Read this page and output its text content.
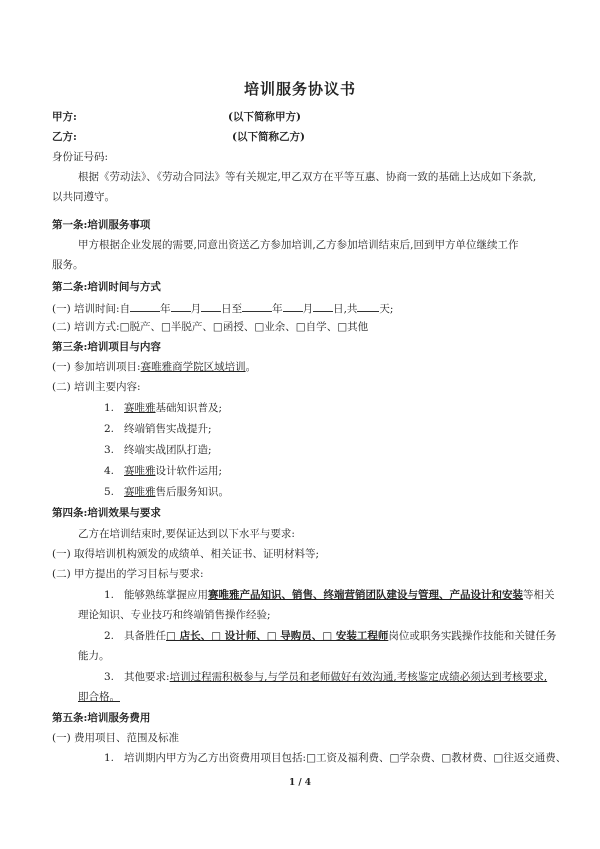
培训服务协议书
甲方:	(以下简称甲方)
乙方:	(以下简称乙方)
身份证号码:
根据《劳动法》、《劳动合同法》等有关规定,甲乙双方在平等互惠、协商一致的基础上达成如下条款,
以共同遵守。
第一条:培训服务事项
甲方根据企业发展的需要,同意出资送乙方参加培训,乙方参加培训结束后,回到甲方单位继续工作
服务。
第二条:培训时间与方式
(一) 培训时间:自	年 月 日至	年 月 日,共 天;
(二) 培训方式:□脱产、□半脱产、□函授、□业余、□自学、□其他
第三条:培训项目与内容
(一) 参加培训项目:赛唯雅商学院区域培训。
(二) 培训主要内容:
1. 赛唯雅基础知识普及;
2. 终端销售实战提升;
3. 终端实战团队打造;
4. 赛唯雅设计软件运用;
5. 赛唯雅售后服务知识。
第四条:培训效果与要求
乙方在培训结束时,要保证达到以下水平与要求:
(一) 取得培训机构颁发的成绩单、相关证书、证明材料等;
(二) 甲方提出的学习目标与要求:
1. 能够熟练掌握应用赛唯雅产品知识、销售、终端营销团队建设与管理、产品设计和安装等相关
理论知识、专业技巧和终端销售操作经验;
2. 具备胜任□ 店长、□ 设计师、□ 导购员、□ 安装工程师岗位或职务实践操作技能和关键任务
能力。
3. 其他要求:培训过程需积极参与,与学员和老师做好有效沟通,考核鉴定成绩必须达到考核要求,
即合格。
第五条:培训服务费用
(一) 费用项目、范围及标准
1. 培训期内甲方为乙方出资费用项目包括:□工资及福利费、□学杂费、□教材费、□往返交通费、
1 / 4
